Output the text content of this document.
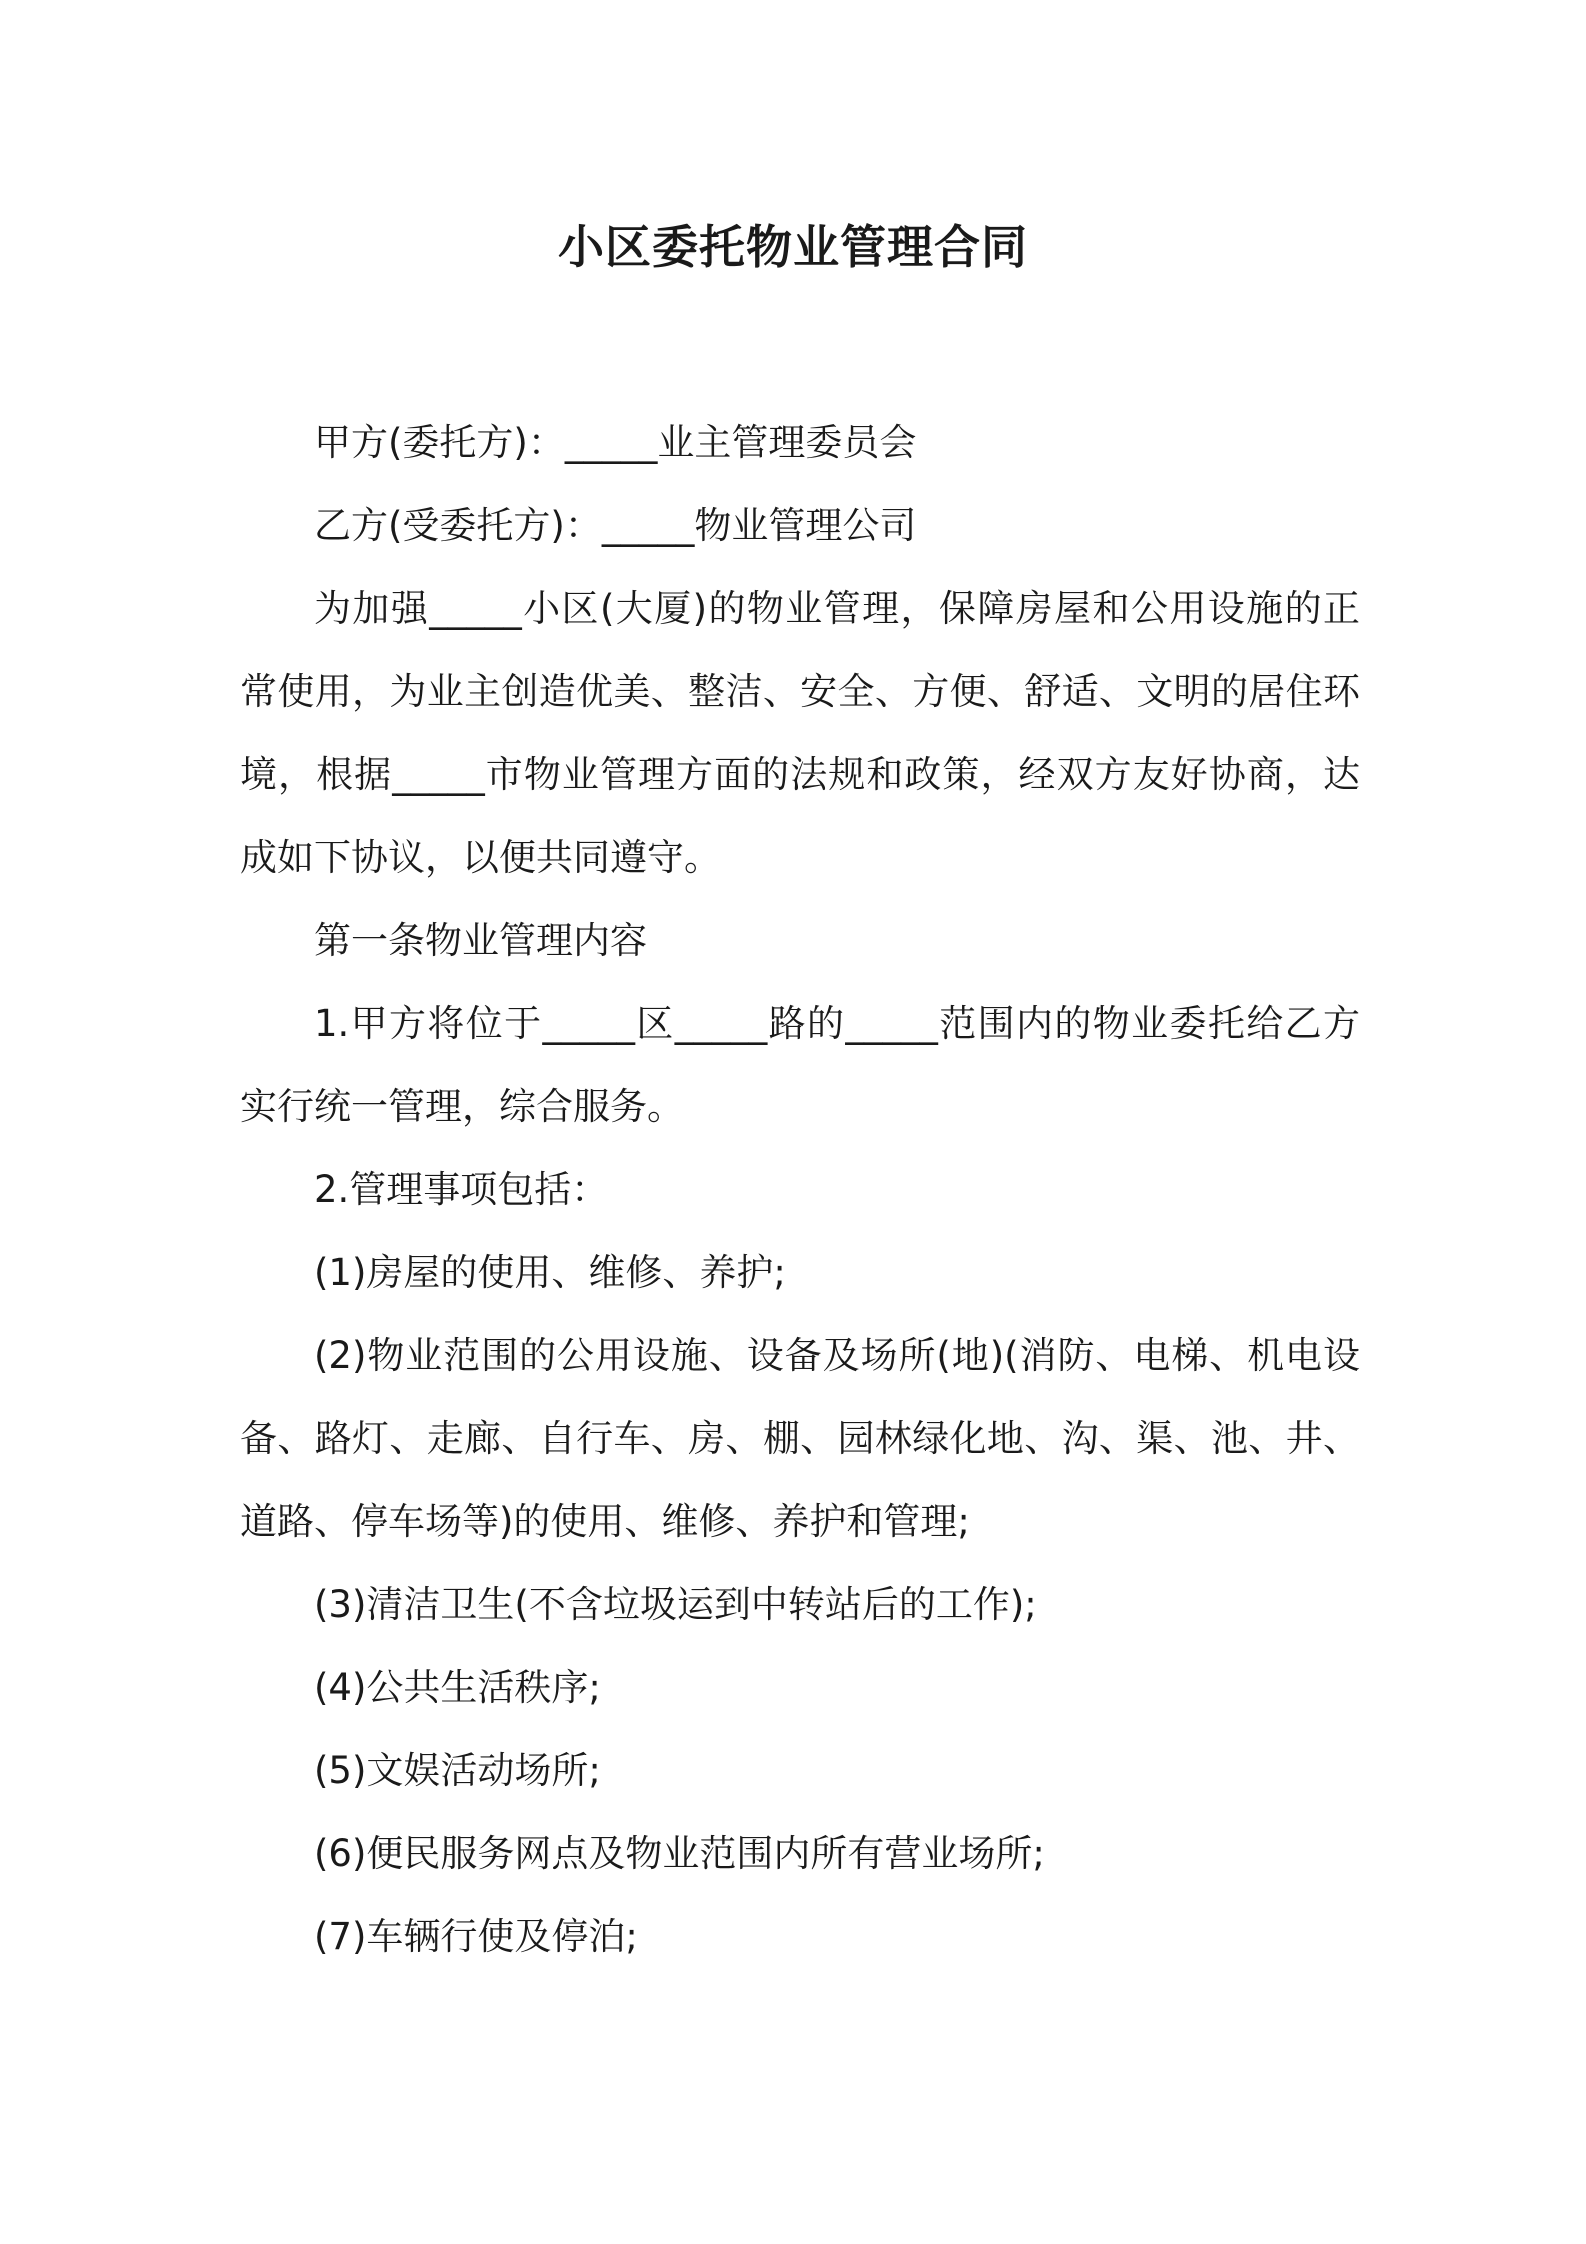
小区委托物业管理合同

甲方(委托方)：_____业主管理委员会

乙方(受委托方)：_____物业管理公司

为加强_____小区(大厦)的物业管理，保障房屋和公用设施的正常使用，为业主创造优美、整洁、安全、方便、舒适、文明的居住环境，根据_____市物业管理方面的法规和政策，经双方友好协商，达成如下协议，以便共同遵守。

第一条物业管理内容

1.甲方将位于_____区_____路的_____范围内的物业委托给乙方实行统一管理，综合服务。

2.管理事项包括：

(1)房屋的使用、维修、养护;

(2)物业范围的公用设施、设备及场所(地)(消防、电梯、机电设备、路灯、走廊、自行车、房、棚、园林绿化地、沟、渠、池、井、道路、停车场等)的使用、维修、养护和管理;

(3)清洁卫生(不含垃圾运到中转站后的工作);

(4)公共生活秩序;

(5)文娱活动场所;

(6)便民服务网点及物业范围内所有营业场所;

(7)车辆行使及停泊;
